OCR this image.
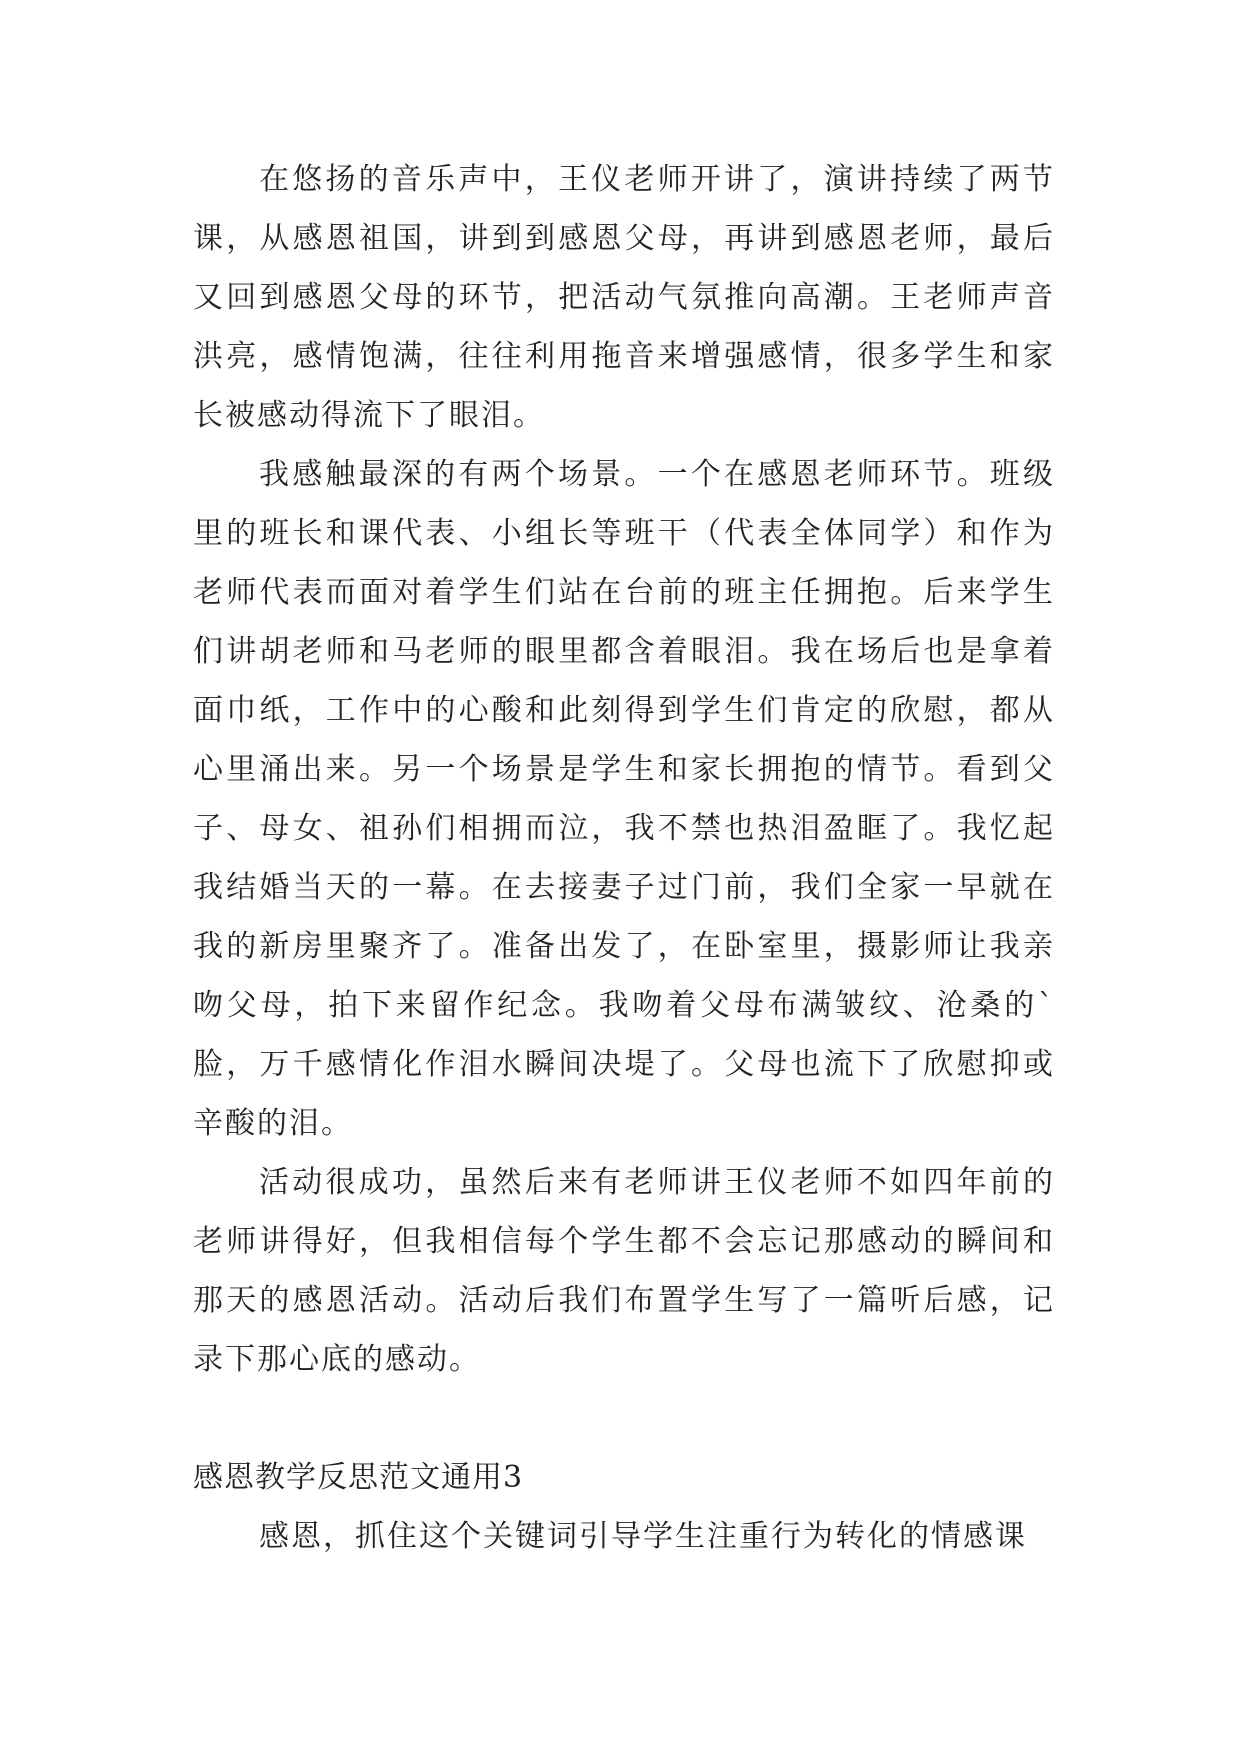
在悠扬的音乐声中，王仪老师开讲了，演讲持续了两节课，从感恩祖国，讲到到感恩父母，再讲到感恩老师，最后又回到感恩父母的环节，把活动气氛推向高潮。王老师声音洪亮，感情饱满，往往利用拖音来增强感情，很多学生和家长被感动得流下了眼泪。

我感触最深的有两个场景。一个在感恩老师环节。班级里的班长和课代表、小组长等班干（代表全体同学）和作为老师代表而面对着学生们站在台前的班主任拥抱。后来学生们讲胡老师和马老师的眼里都含着眼泪。我在场后也是拿着面巾纸，工作中的心酸和此刻得到学生们肯定的欣慰，都从心里涌出来。另一个场景是学生和家长拥抱的情节。看到父子、母女、祖孙们相拥而泣，我不禁也热泪盈眶了。我忆起我结婚当天的一幕。在去接妻子过门前，我们全家一早就在我的新房里聚齐了。准备出发了，在卧室里，摄影师让我亲吻父母，拍下来留作纪念。我吻着父母布满皱纹、沧桑的`脸，万千感情化作泪水瞬间决堤了。父母也流下了欣慰抑或辛酸的泪。

活动很成功，虽然后来有老师讲王仪老师不如四年前的老师讲得好，但我相信每个学生都不会忘记那感动的瞬间和那天的感恩活动。活动后我们布置学生写了一篇听后感，记录下那心底的感动。

感恩教学反思范文通用3

感恩，抓住这个关键词引导学生注重行为转化的情感课
